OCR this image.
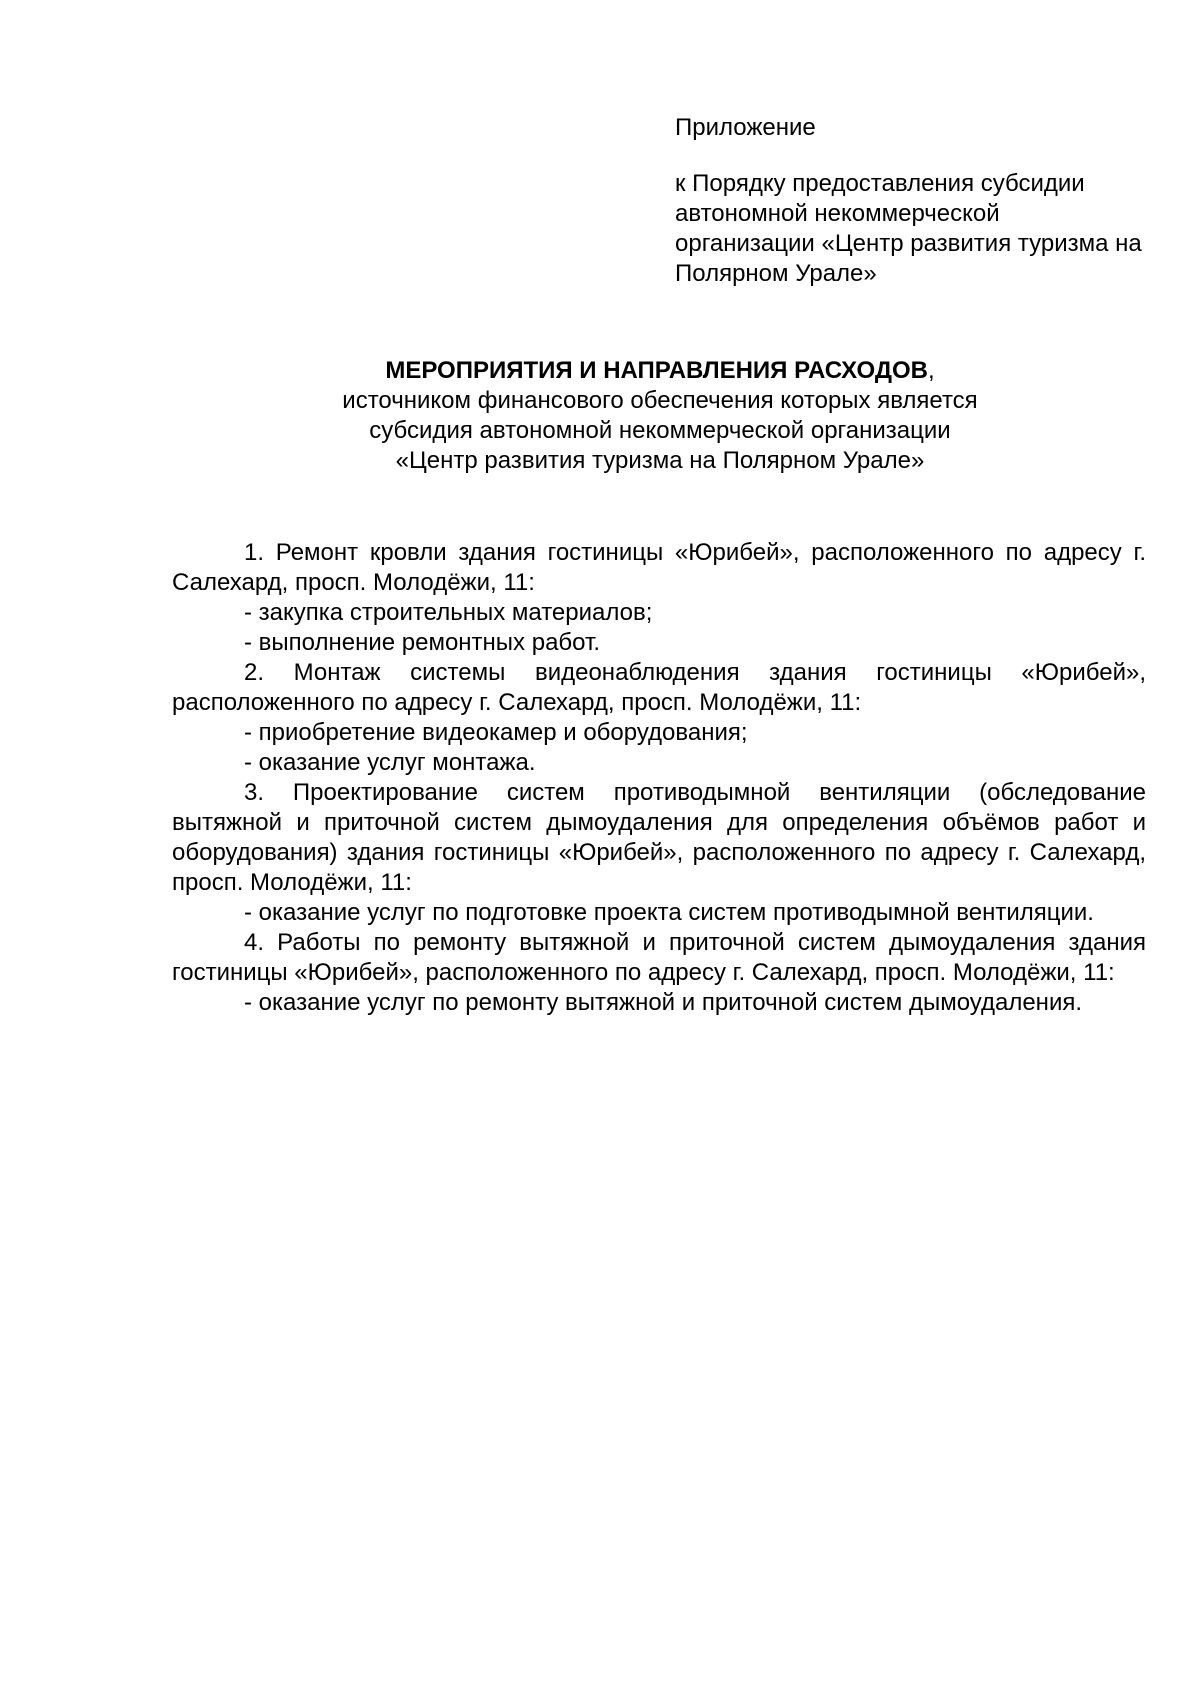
Приложение

к Порядку предоставления субсидии автономной некоммерческой организации «Центр развития туризма на Полярном Урале»

МЕРОПРИЯТИЯ И НАПРАВЛЕНИЯ РАСХОДОВ,

источником финансового обеспечения которых является

субсидия автономной некоммерческой организации

«Центр развития туризма на Полярном Урале»

1. Ремонт кровли здания гостиницы «Юрибей», расположенного по адресу г. Салехард, просп. Молодёжи, 11:

- закупка строительных материалов;

- выполнение ремонтных работ.

2. Монтаж системы видеонаблюдения здания гостиницы «Юрибей», расположенного по адресу г. Салехард, просп. Молодёжи, 11:

- приобретение видеокамер и оборудования;

- оказание услуг монтажа.

3. Проектирование систем противодымной вентиляции (обследование вытяжной и приточной систем дымоудаления для определения объёмов работ и оборудования) здания гостиницы «Юрибей», расположенного по адресу г. Салехард, просп. Молодёжи, 11:

- оказание услуг по подготовке проекта систем противодымной вентиляции.

4. Работы по ремонту вытяжной и приточной систем дымоудаления здания гостиницы «Юрибей», расположенного по адресу г. Салехард, просп. Молодёжи, 11:

- оказание услуг по ремонту вытяжной и приточной систем дымоудаления.
